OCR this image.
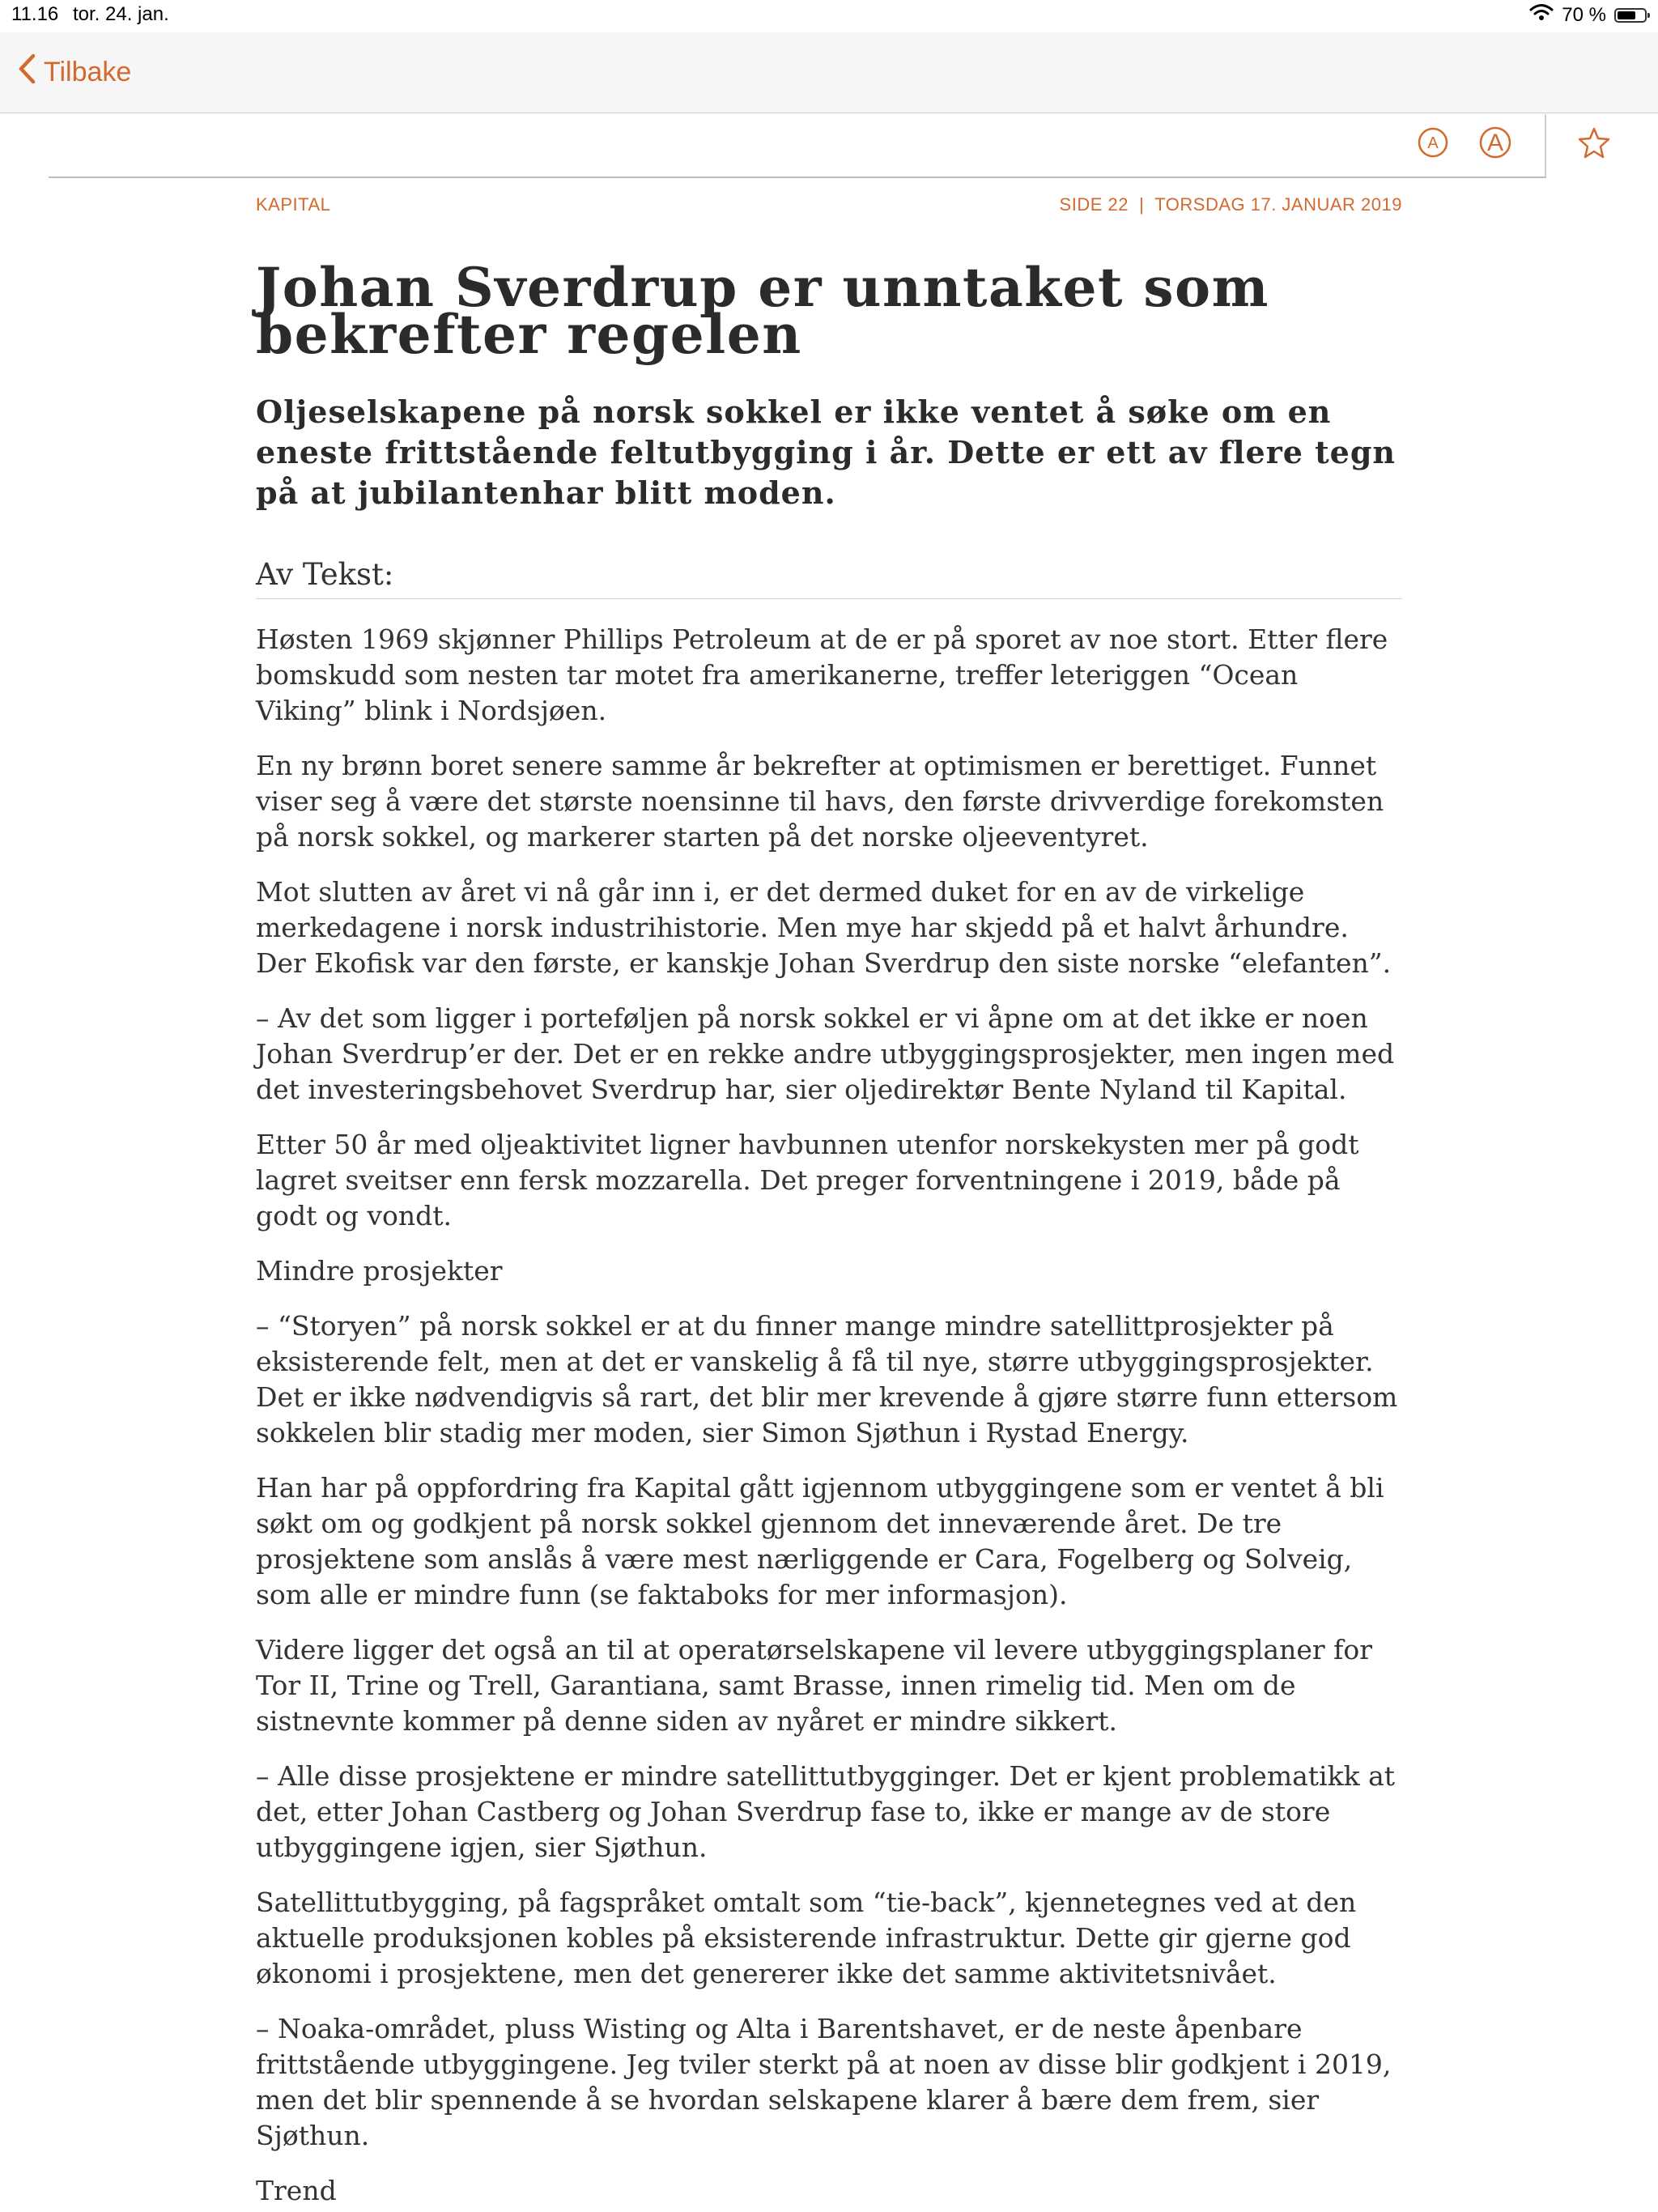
11.16 tor. 24. jan.	70 %
Tilbake
A A
KAPITAL	SIDE 22  |  TORSDAG 17. JANUAR 2019
Johan Sverdrup er unntaket som bekrefter regelen
Oljeselskapene på norsk sokkel er ikke ventet å søke om en eneste frittstående feltutbygging i år. Dette er ett av flere tegn på at jubilantenhar blitt moden.
Av Tekst:

Høsten 1969 skjønner Phillips Petroleum at de er på sporet av noe stort. Etter flere bomskudd som nesten tar motet fra amerikanerne, treffer leteriggen “Ocean Viking” blink i Nordsjøen.

En ny brønn boret senere samme år bekrefter at optimismen er berettiget. Funnet viser seg å være det største noensinne til havs, den første drivverdige forekomsten på norsk sokkel, og markerer starten på det norske oljeeventyret.

Mot slutten av året vi nå går inn i, er det dermed duket for en av de virkelige merkedagene i norsk industrihistorie. Men mye har skjedd på et halvt århundre. Der Ekofisk var den første, er kanskje Johan Sverdrup den siste norske “elefanten”.

– Av det som ligger i porteføljen på norsk sokkel er vi åpne om at det ikke er noen Johan Sverdrup’er der. Det er en rekke andre utbyggingsprosjekter, men ingen med det investeringsbehovet Sverdrup har, sier oljedirektør Bente Nyland til Kapital.

Etter 50 år med oljeaktivitet ligner havbunnen utenfor norskekysten mer på godt lagret sveitser enn fersk mozzarella. Det preger forventningene i 2019, både på godt og vondt.

Mindre prosjekter

– “Storyen” på norsk sokkel er at du finner mange mindre satellittprosjekter på eksisterende felt, men at det er vanskelig å få til nye, større utbyggingsprosjekter. Det er ikke nødvendigvis så rart, det blir mer krevende å gjøre større funn ettersom sokkelen blir stadig mer moden, sier Simon Sjøthun i Rystad Energy.

Han har på oppfordring fra Kapital gått igjennom utbyggingene som er ventet å bli søkt om og godkjent på norsk sokkel gjennom det inneværende året. De tre prosjektene som anslås å være mest nærliggende er Cara, Fogelberg og Solveig, som alle er mindre funn (se faktaboks for mer informasjon).

Videre ligger det også an til at operatørselskapene vil levere utbyggingsplaner for Tor II, Trine og Trell, Garantiana, samt Brasse, innen rimelig tid. Men om de sistnevnte kommer på denne siden av nyåret er mindre sikkert.

– Alle disse prosjektene er mindre satellittutbygginger. Det er kjent problematikk at det, etter Johan Castberg og Johan Sverdrup fase to, ikke er mange av de store utbyggingene igjen, sier Sjøthun.

Satellittutbygging, på fagspråket omtalt som “tie-back”, kjennetegnes ved at den aktuelle produksjonen kobles på eksisterende infrastruktur. Dette gir gjerne god økonomi i prosjektene, men det genererer ikke det samme aktivitetsnivået.

– Noaka-området, pluss Wisting og Alta i Barentshavet, er de neste åpenbare frittstående utbyggingene. Jeg tviler sterkt på at noen av disse blir godkjent i 2019, men det blir spennende å se hvordan selskapene klarer å bære dem frem, sier Sjøthun.

Trend
